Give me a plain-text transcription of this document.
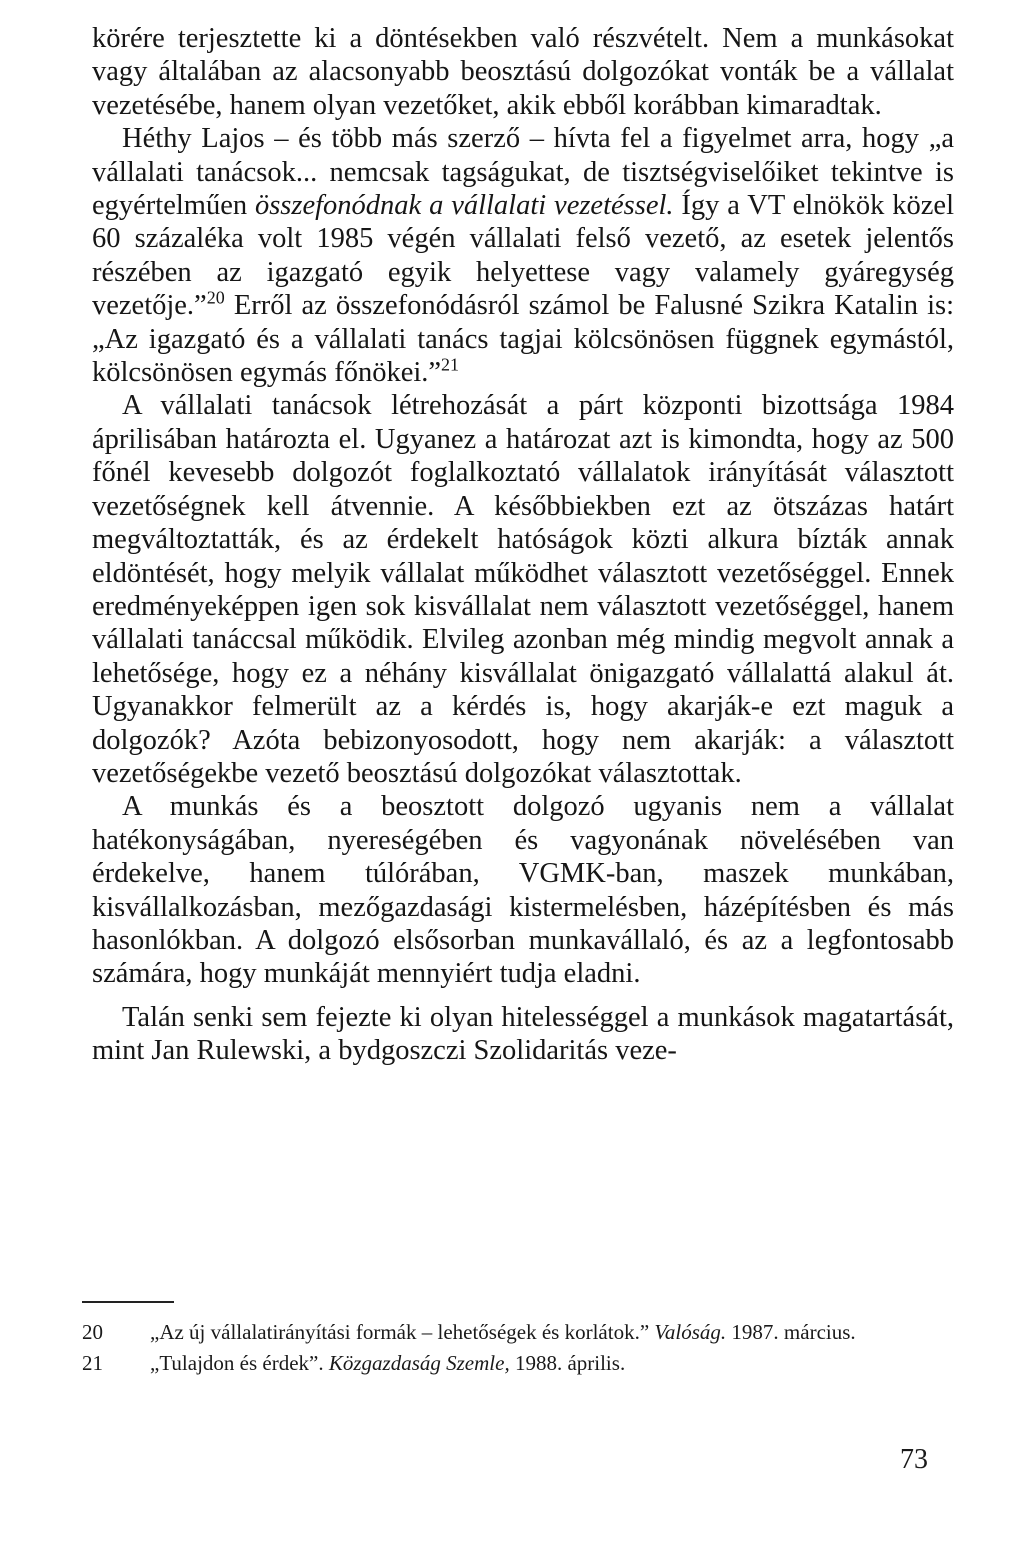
körére terjesztette ki a döntésekben való részvételt. Nem a munkásokat vagy általában az alacsonyabb beosztású dolgozókat vonták be a vállalat vezetésébe, hanem olyan vezetőket, akik ebből korábban kimaradtak.

Héthy Lajos – és több más szerző – hívta fel a figyelmet arra, hogy „a vállalati tanácsok... nemcsak tagságukat, de tisztségviselőiket tekintve is egyértelműen összefonódnak a vállalati vezetéssel. Így a VT elnökök közel 60 százaléka volt 1985 végén vállalati felső vezető, az esetek jelentős részében az igazgató egyik helyettese vagy valamely gyáregység vezetője.”$^{20}$ Erről az összefonódásról számol be Falusné Szikra Katalin is: „Az igazgató és a vállalati tanács tagjai kölcsönösen függnek egymástól, kölcsönösen egymás főnökei.”$^{21}$

A vállalati tanácsok létrehozását a párt központi bizottsága 1984 áprilisában határozta el. Ugyanez a határozat azt is kimondta, hogy az 500 főnél kevesebb dolgozót foglalkoztató vállalatok irányítását választott vezetőségnek kell átvennie. A későbbiekben ezt az ötszázas határt megváltoztatták, és az érdekelt hatóságok közti alkura bízták annak eldöntését, hogy melyik vállalat működhet választott vezetőséggel. Ennek eredményeképpen igen sok kisvállalat nem választott vezetőséggel, hanem vállalati tanáccsal működik. Elvileg azonban még mindig megvolt annak a lehetősége, hogy ez a néhány kisvállalat önigazgató vállalattá alakul át. Ugyanakkor felmerült az a kérdés is, hogy akarják-e ezt maguk a dolgozók? Azóta bebizonyosodott, hogy nem akarják: a választott vezetőségekbe vezető beosztású dolgozókat választottak.

A munkás és a beosztott dolgozó ugyanis nem a vállalat hatékonyságában, nyereségében és vagyonának növelésében van érdekelve, hanem túlórában, VGMK-ban, maszek munkában, kisvállalkozásban, mezőgazdasági kistermelésben, házépítésben és más hasonlókban. A dolgozó elsősorban munkavállaló, és az a legfontosabb számára, hogy munkáját mennyiért tudja eladni.

Talán senki sem fejezte ki olyan hitelességgel a munkások magatartását, mint Jan Rulewski, a bydgoszczi Szolidaritás veze-

20	„Az új vállalatirányítási formák – lehetőségek és korlátok.” Valóság. 1987. március.
21	„Tulajdon és érdek”. Közgazdaság Szemle, 1988. április.
73
